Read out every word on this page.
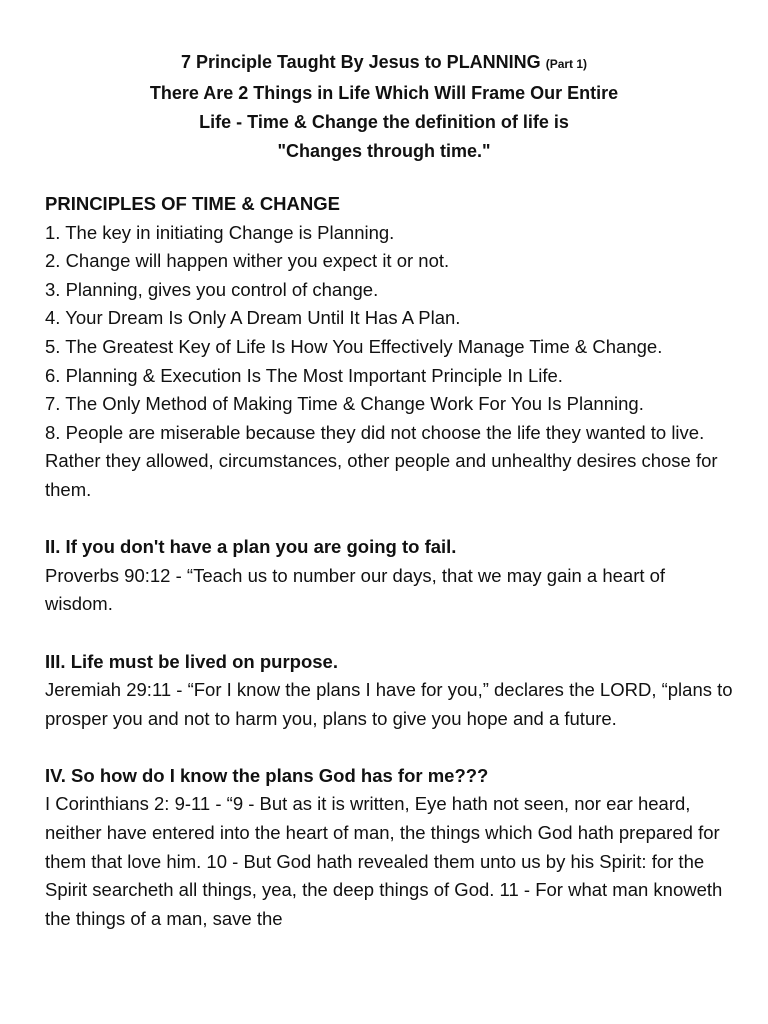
7 Principle Taught By Jesus to PLANNING (Part 1)
There Are 2 Things in Life Which Will Frame Our Entire
Life - Time & Change the definition of life is
"Changes through time."
PRINCIPLES OF TIME & CHANGE
1. The key in initiating Change is Planning.
2. Change will happen wither you expect it or not.
3. Planning, gives you control of change.
4. Your Dream Is Only A Dream Until It Has A Plan.
5. The Greatest Key of Life Is How You Effectively Manage Time & Change.
6. Planning & Execution Is The Most Important Principle In Life.
7. The Only Method of Making Time & Change Work For You Is Planning.
8. People are miserable because they did not choose the life they wanted to live.
Rather they allowed, circumstances, other people and unhealthy desires chose for them.
II. If you don't have a plan you are going to fail.
Proverbs 90:12 - “Teach us to number our days, that we may gain a heart of wisdom.
III. Life must be lived on purpose.
Jeremiah 29:11 - “For I know the plans I have for you,” declares the LORD, “plans to prosper you and not to harm you, plans to give you hope and a future.
IV. So how do I know the plans God has for me???
I Corinthians 2: 9-11 - “9 - But as it is written, Eye hath not seen, nor ear heard, neither have entered into the heart of man, the things which God hath prepared for them that love him. 10 - But God hath revealed them unto us by his Spirit: for the Spirit searcheth all things, yea, the deep things of God. 11 - For what man knoweth the things of a man, save the
